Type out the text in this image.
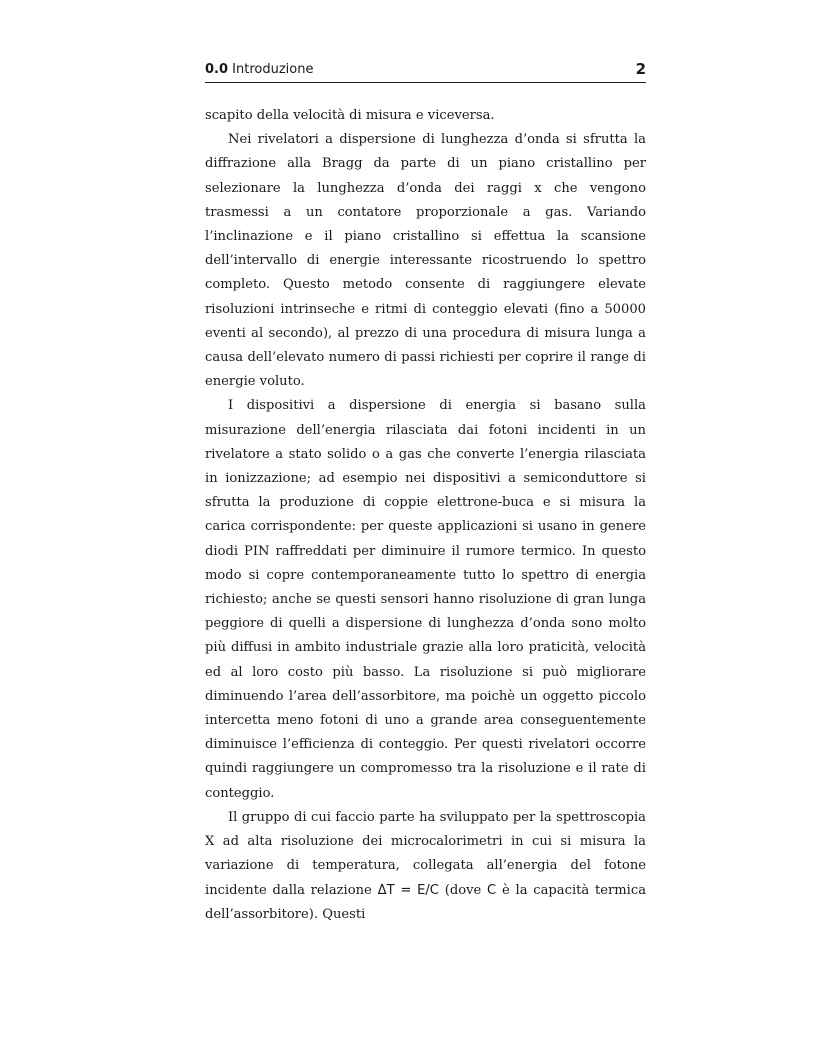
0.0 Introduzione	2

scapito della velocità di misura e viceversa.

Nei rivelatori a dispersione di lunghezza d’onda si sfrutta la diffrazione alla Bragg da parte di un piano cristallino per selezionare la lunghezza d’onda dei raggi x che vengono trasmessi a un contatore proporzionale a gas. Variando l’inclinazione e il piano cristallino si effettua la scansione dell’intervallo di energie interessante ricostruendo lo spettro completo. Questo metodo consente di raggiungere elevate risoluzioni intrinseche e ritmi di conteggio elevati (fino a 50000 eventi al secondo), al prezzo di una procedura di misura lunga a causa dell’elevato numero di passi richiesti per coprire il range di energie voluto.

I dispositivi a dispersione di energia si basano sulla misurazione dell’energia rilasciata dai fotoni incidenti in un rivelatore a stato solido o a gas che converte l’energia rilasciata in ionizzazione; ad esempio nei dispositivi a semiconduttore si sfrutta la produzione di coppie elettrone-buca e si misura la carica corrispondente: per queste applicazioni si usano in genere diodi PIN raffreddati per diminuire il rumore termico. In questo modo si copre contemporaneamente tutto lo spettro di energia richiesto; anche se questi sensori hanno risoluzione di gran lunga peggiore di quelli a dispersione di lunghezza d’onda sono molto più diffusi in ambito industriale grazie alla loro praticità, velocità ed al loro costo più basso. La risoluzione si può migliorare diminuendo l’area dell’assorbitore, ma poichè un oggetto piccolo intercetta meno fotoni di uno a grande area conseguentemente diminuisce l’efficienza di conteggio. Per questi rivelatori occorre quindi raggiungere un compromesso tra la risoluzione e il rate di conteggio.

Il gruppo di cui faccio parte ha sviluppato per la spettroscopia X ad alta risoluzione dei microcalorimetri in cui si misura la variazione di temperatura, collegata all’energia del fotone incidente dalla relazione ΔT = E/C (dove C è la capacità termica dell’assorbitore). Questi
